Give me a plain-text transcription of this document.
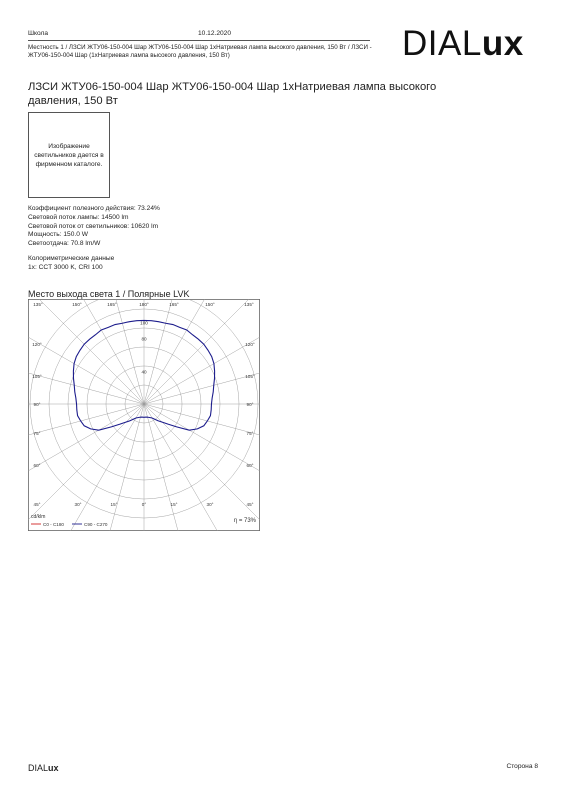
Школа	10.12.2020
Местность 1 / ЛЗСИ ЖТУ06-150-004 Шар ЖТУ06-150-004 Шар 1xНатриевая лампа высокого давления, 150 Вт / ЛЗСИ - ЖТУ06-150-004 Шар (1xНатриевая лампа высокого давления, 150 Вт)	DIALux
ЛЗСИ ЖТУ06-150-004 Шар ЖТУ06-150-004 Шар 1xНатриевая лампа высокого давления, 150 Вт
Изображение светильников дается в фирменном каталоге.
Коэффициент полезного действия: 73.24%
Световой поток лампы: 14500 lm
Световой поток от светильников: 10620 lm
Мощность: 150.0 W
Светоотдача: 70.8 lm/W
Колориметрические данные
1x: CCT 3000 K, CRI 100
Место выхода света 1 / Полярные LVK
100
80
40
135°	150°	165°	180°	165°	150°	135°
120°
105°
90°
75°
60°
45°
120°
105°
90°
75°
60°
45°
30°	15°	0°	15°	30°
cd/klm
C0 - C180	C90 - C270
η = 73%
DIALux	Сторона 8
